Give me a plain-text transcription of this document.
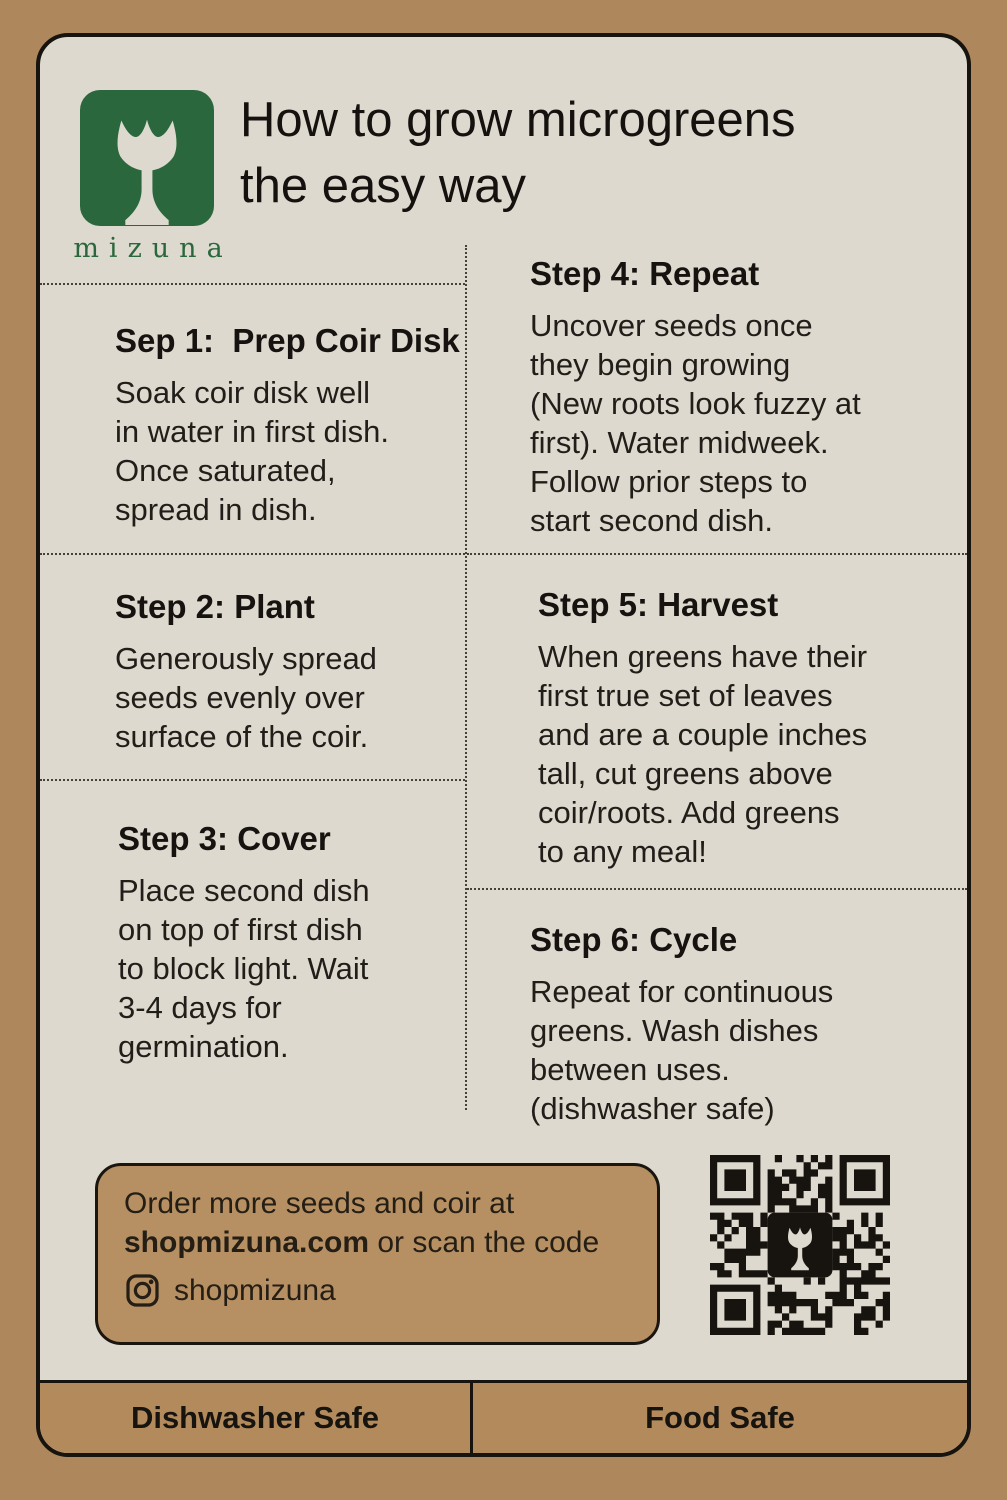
mizuna
How to grow microgreens
the easy way
Sep 1:  Prep Coir Disk

Soak coir disk well
in water in first dish.
Once saturated,
spread in dish.

Step 2: Plant

Generously spread
seeds evenly over
surface of the coir.

Step 3: Cover

Place second dish
on top of first dish
to block light. Wait
3-4 days for
germination.

Step 4: Repeat

Uncover seeds once
they begin growing
(New roots look fuzzy at
first). Water midweek.
Follow prior steps to
start second dish.

Step 5: Harvest

When greens have their
first true set of leaves
and are a couple inches
tall, cut greens above
coir/roots. Add greens
to any meal!

Step 6: Cycle

Repeat for continuous
greens. Wash dishes
between uses.
(dishwasher safe)

Order more seeds and coir at
shopmizuna.com or scan the code
shopmizuna
Dishwasher Safe	Food Safe
